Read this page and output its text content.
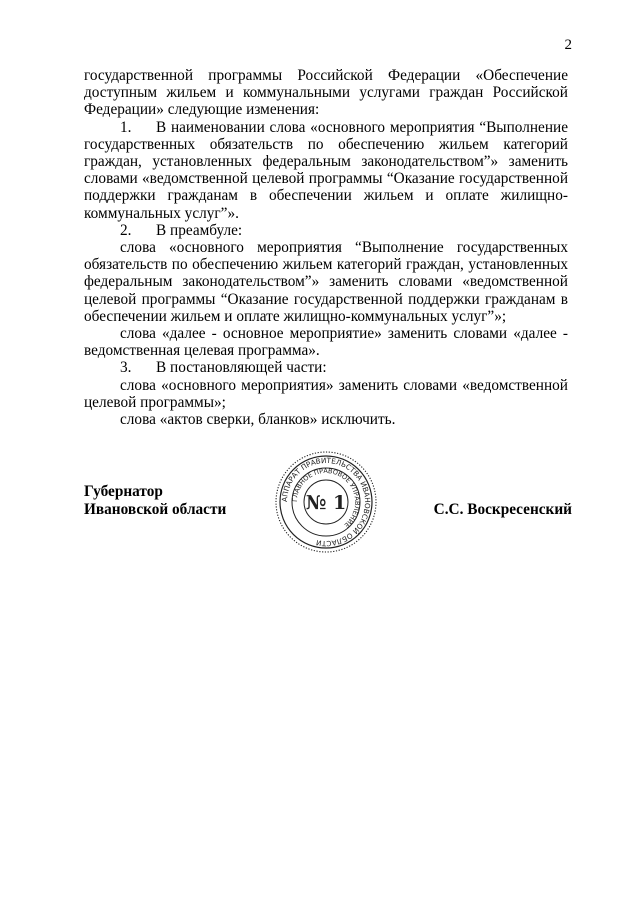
2

государственной программы Российской Федерации «Обеспечение доступным жильем и коммунальными услугами граждан Российской Федерации» следующие изменения:

1. В наименовании слова «основного мероприятия “Выполнение государственных обязательств по обеспечению жильем категорий граждан, установленных федеральным законодательством”» заменить словами «ведомственной целевой программы “Оказание государственной поддержки гражданам в обеспечении жильем и оплате жилищно-коммунальных услуг”».

2. В преамбуле:

слова «основного мероприятия “Выполнение государственных обязательств по обеспечению жильем категорий граждан, установленных федеральным законодательством”» заменить словами «ведомственной целевой программы “Оказание государственной поддержки гражданам в обеспечении жильем и оплате жилищно-коммунальных услуг”»;

слова «далее - основное мероприятие» заменить словами «далее - ведомственная целевая программа».

3. В постановляющей части:

слова «основного мероприятия» заменить словами «ведомственной целевой программы»;

слова «актов сверки, бланков» исключить.

Губернатор
Ивановской области
АППАРАТ ПРАВИТЕЛЬСТВА ИВАНОВСКОЙ ОБЛАСТИ
ГЛАВНОЕ ПРАВОВОЕ УПРАВЛЕНИЕ
№ 1	С.С. Воскресенский
